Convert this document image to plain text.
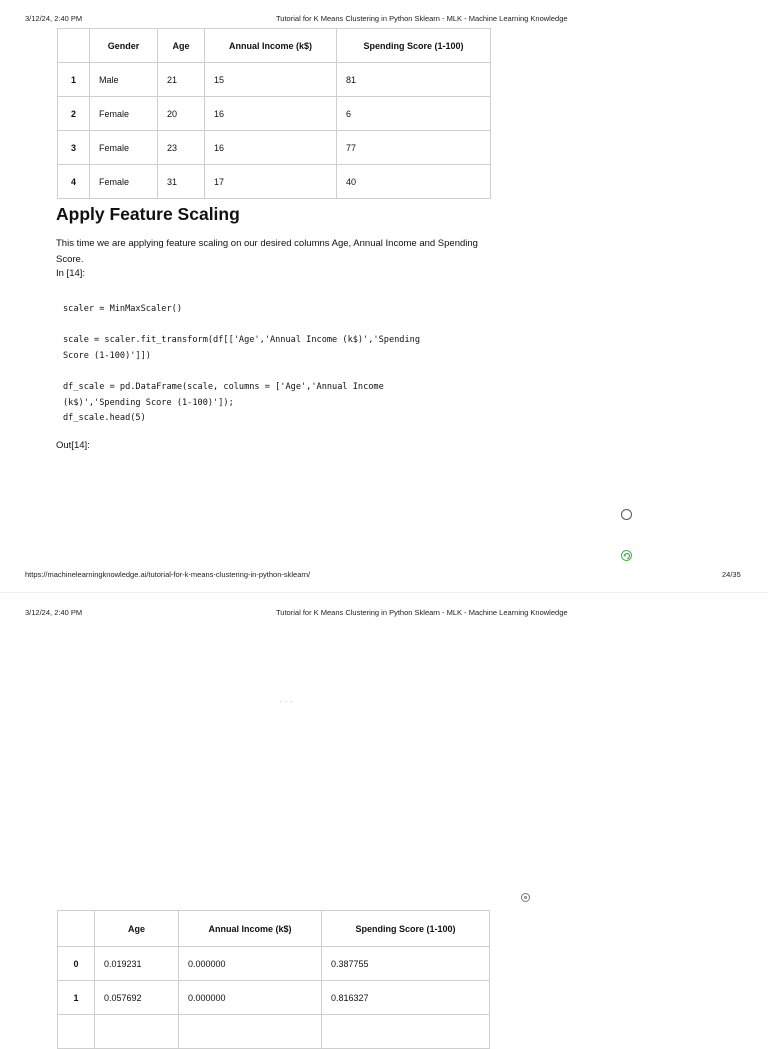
3/12/24, 2:40 PM	Tutorial for K Means Clustering in Python Sklearn - MLK - Machine Learning Knowledge
	Gender	Age	Annual Income (k$)	Spending Score (1-100)
1	Male	21	15	81
2	Female	20	16	6
3	Female	23	16	77
4	Female	31	17	40
Apply Feature Scaling

This time we are applying feature scaling on our desired columns Age, Annual Income and Spending Score.

In [14]:
scaler = MinMaxScaler()

scale = scaler.fit_transform(df[['Age','Annual Income (k$)','Spending
Score (1-100)']])

df_scale = pd.DataFrame(scale, columns = ['Age','Annual Income
(k$)','Spending Score (1-100)']);
df_scale.head(5)
Out[14]:
https://machinelearningknowledge.ai/tutorial-for-k-means-clustering-in-python-sklearn/	24/35
3/12/24, 2:40 PM	Tutorial for K Means Clustering in Python Sklearn - MLK - Machine Learning Knowledge
•••
	Age	Annual Income (k$)	Spending Score (1-100)
0	0.019231	0.000000	0.387755
1	0.057692	0.000000	0.816327
